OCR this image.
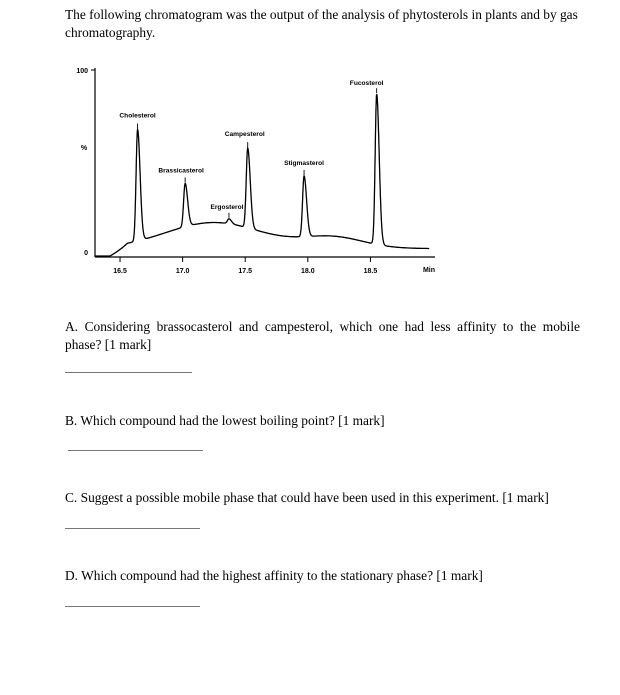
The following chromatogram was the output of the analysis of phytosterols in plants and by gas chromatography.
100
0
%
16.5	17.0	17.5	18.0	18.5	Min
Cholesterol
Brassicasterol
Ergosterol
Campesterol
Stigmasterol
Fucosterol
A. Considering brassocasterol and campesterol, which one had less affinity to the mobile phase? [1 mark]
B. Which compound had the lowest boiling point? [1 mark]
C. Suggest a possible mobile phase that could have been used in this experiment. [1 mark]
D. Which compound had the highest affinity to the stationary phase? [1 mark]
